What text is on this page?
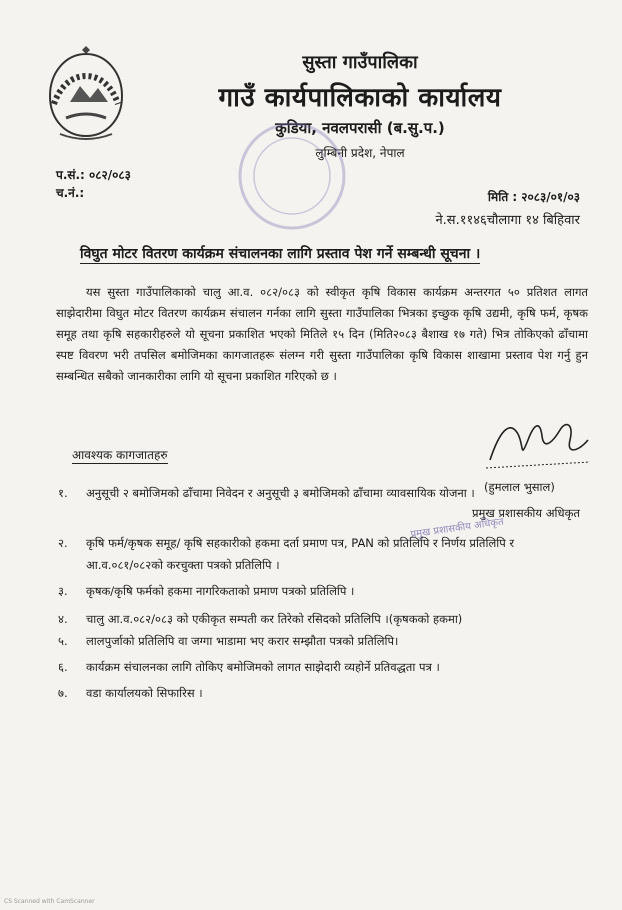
सुस्ता गाउँपालिका
गाउँ कार्यपालिकाको कार्यालय
कुडिया, नवलपरासी (ब.सु.प.)
लुम्बिनी प्रदेश, नेपाल
प.सं.: ०८२/०८३
च.नं.:	मिति : २०८३/०१/०३
ने.स.११४६चौलागा १४ बिहिवार
विघुत मोटर वितरण कार्यक्रम संचालनका लागि प्रस्ताव पेश गर्ने सम्बन्धी सूचना ।

यस सुस्ता गाउँपालिकाको चालु आ.व. ०८२/०८३ को स्वीकृत कृषि विकास कार्यक्रम अन्तरगत ५० प्रतिशत लागत साझेदारीमा विघुत मोटर वितरण कार्यक्रम संचालन गर्नका लागि सुस्ता गाउँपालिका भित्रका इच्छुक कृषि उद्यमी, कृषि फर्म, कृषक समूह तथा कृषि सहकारीहरुले यो सूचना प्रकाशित भएको मितिले १५ दिन (मिति२०८३ बैशाख १७ गते) भित्र तोकिएको ढाँचामा स्पष्ट विवरण भरी तपसिल बमोजिमका कागजातहरू संलग्न गरी सुस्ता गाउँपालिका कृषि विकास शाखामा प्रस्ताव पेश गर्नु हुन सम्बन्धित सबैको जानकारीका लागि यो सूचना प्रकाशित गरिएको छ ।

(हुमलाल भुसाल)
प्रमुख प्रशासकीय अधिकृत
प्रमुख प्रशासकीय अधिकृत
आवश्यक कागजातहरु
१.	अनुसूची २ बमोजिमको ढाँचामा निवेदन र अनुसूची ३ बमोजिमको ढाँचामा व्यावसायिक योजना ।
२.	कृषि फर्म/कृषक समूह/ कृषि सहकारीको हकमा दर्ता प्रमाण पत्र, PAN को प्रतिलिपि र निर्णय प्रतिलिपि र आ.व.०८१/०८२को करचुक्ता पत्रको प्रतिलिपि ।
३.	कृषक/कृषि फर्मको हकमा नागरिकताको प्रमाण पत्रको प्रतिलिपि ।
४.	चालु आ.व.०८२/०८३ को एकीकृत सम्पती कर तिरेको रसिदको प्रतिलिपि ।(कृषकको हकमा)
५.	लालपुर्जाको प्रतिलिपि वा जग्गा भाडामा भए करार सम्झौता पत्रको प्रतिलिपि।
६.	कार्यक्रम संचालनका लागि तोकिए बमोजिमको लागत साझेदारी व्यहोर्ने प्रतिवद्धता पत्र ।
७.	वडा कार्यालयको सिफारिस ।
CS Scanned with CamScanner
